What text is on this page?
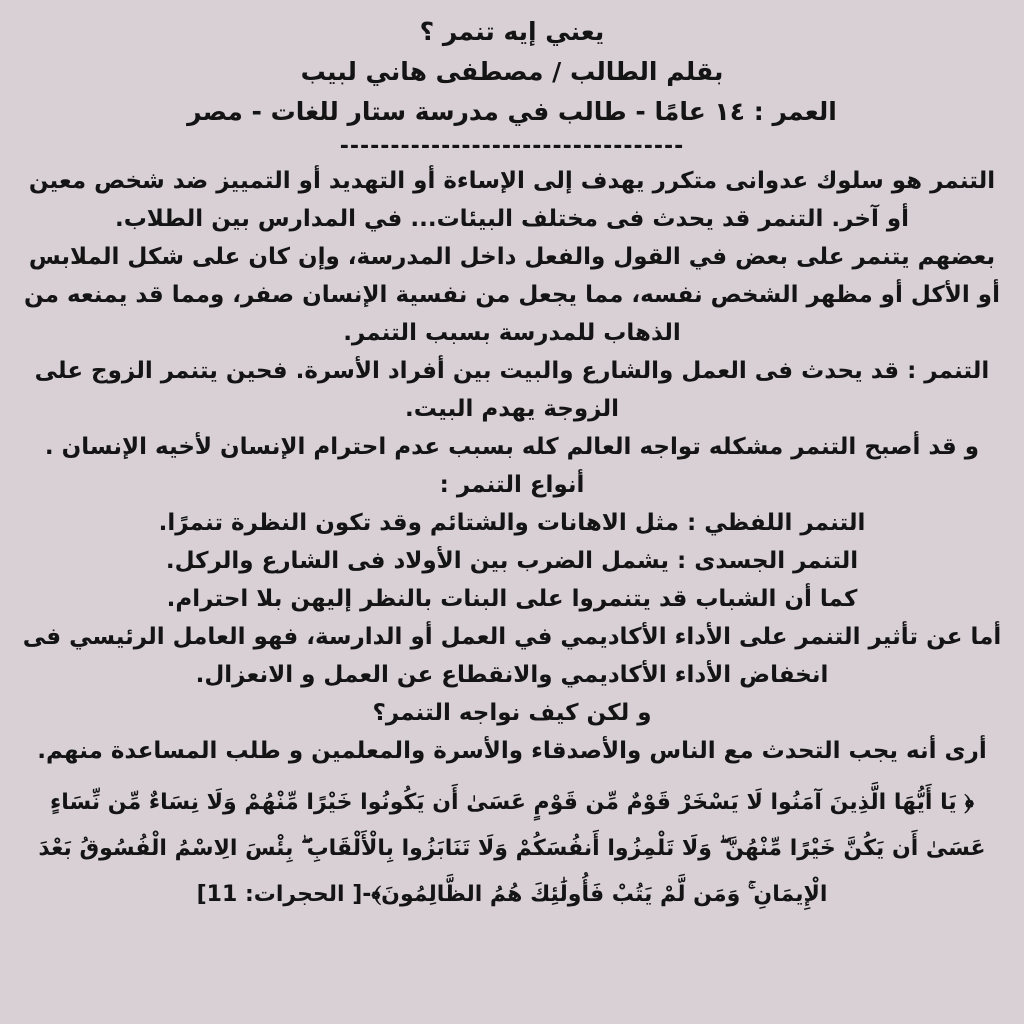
يعني إيه تنمر ؟
بقلم الطالب / مصطفى هاني لبيب
العمر : ١٤ عامًا - طالب في مدرسة ستار للغات - مصر
----------------------------------
التنمر هو سلوك عدوانى متكرر يهدف إلى الإساءة أو التهديد أو التمييز ضد شخص معين أو آخر. التنمر قد يحدث فى مختلف البيئات... في المدارس بين الطلاب.
بعضهم يتنمر على بعض في القول والفعل داخل المدرسة، وإن كان على شكل الملابس أو الأكل أو مظهر الشخص نفسه، مما يجعل من نفسية الإنسان صفر، ومما قد يمنعه من الذهاب للمدرسة بسبب التنمر.
التنمر : قد يحدث فى العمل والشارع والبيت بين أفراد الأسرة. فحين يتنمر الزوج على الزوجة يهدم البيت.
و قد أصبح التنمر مشكله تواجه العالم كله بسبب عدم احترام الإنسان لأخيه الإنسان .
أنواع التنمر :
التنمر اللفظي : مثل الاهانات والشتائم وقد تكون النظرة تنمرًا.
التنمر الجسدى : يشمل الضرب بين الأولاد فى الشارع والركل.
كما أن الشباب قد يتنمروا على البنات بالنظر إليهن بلا احترام.
أما عن تأثير التنمر على الأداء الأكاديمي في العمل أو الدارسة، فهو العامل الرئيسي فى انخفاض الأداء الأكاديمي والانقطاع عن العمل و الانعزال.
و لكن كيف نواجه التنمر؟
أرى أنه يجب التحدث مع الناس والأصدقاء والأسرة والمعلمين و طلب المساعدة منهم.
﴿ يَا أَيُّهَا الَّذِينَ آمَنُوا لَا يَسْخَرْ قَوْمٌ مِّن قَوْمٍ عَسَىٰ أَن يَكُونُوا خَيْرًا مِّنْهُمْ وَلَا نِسَاءٌ مِّن نِّسَاءٍ عَسَىٰ أَن يَكُنَّ خَيْرًا مِّنْهُنَّ ۖ وَلَا تَلْمِزُوا أَنفُسَكُمْ وَلَا تَنَابَزُوا بِالْأَلْقَابِ ۖ بِئْسَ الِاسْمُ الْفُسُوقُ بَعْدَ الْإِيمَانِ ۚ وَمَن لَّمْ يَتُبْ فَأُولَٰئِكَ هُمُ الظَّالِمُونَ﴾-[ الحجرات: 11]
